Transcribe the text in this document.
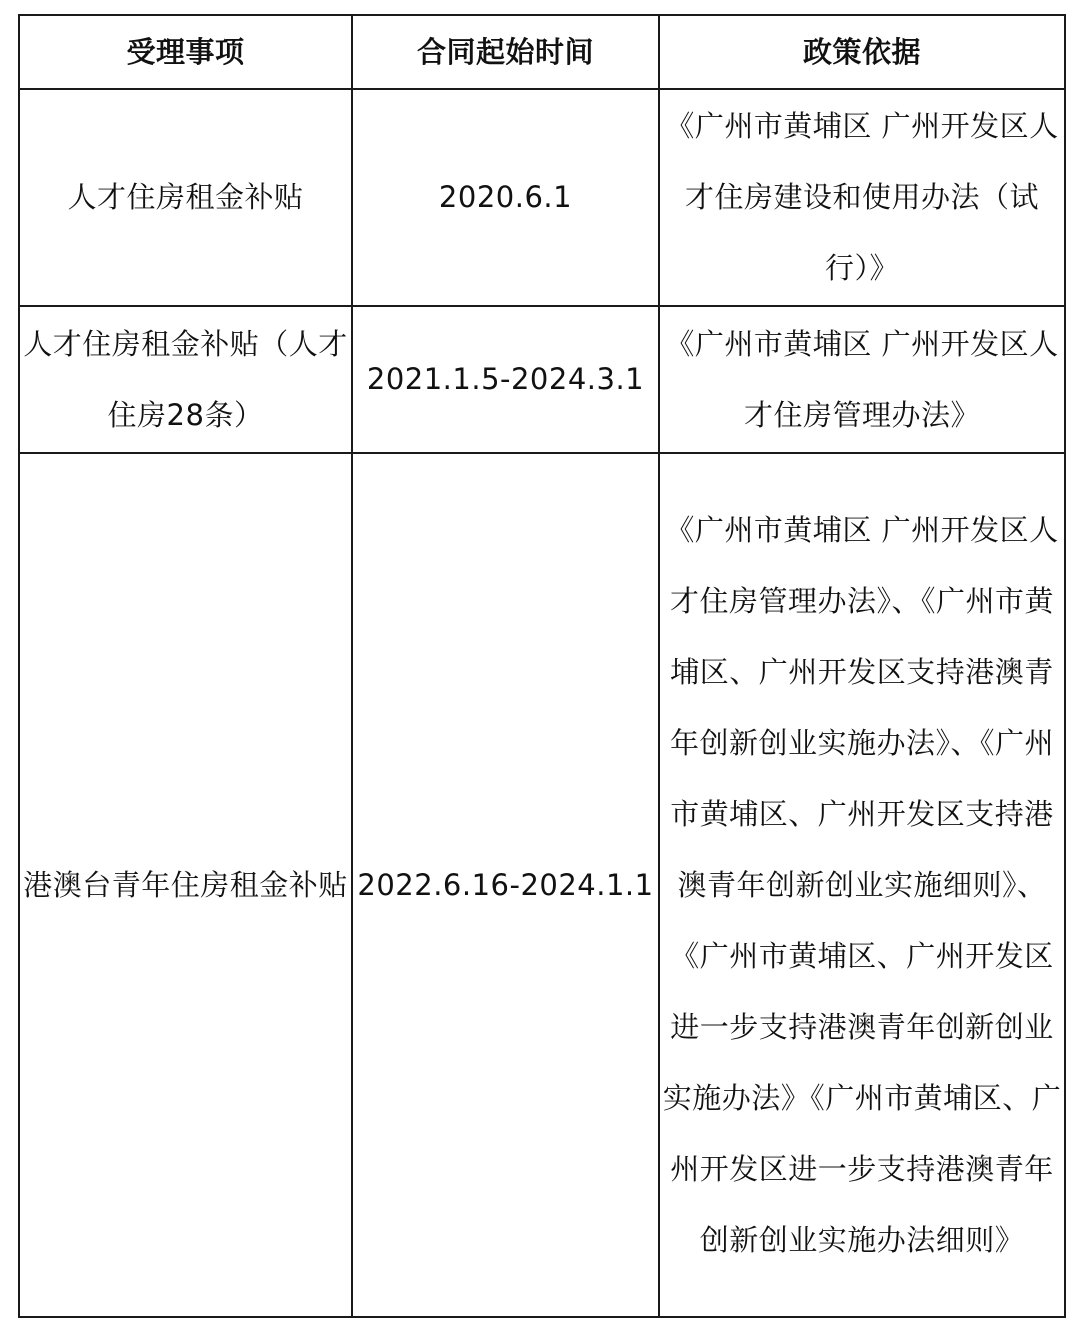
受理事项	合同起始时间	政策依据
人才住房租金补贴	2020.6.1	《广州市黄埔区 广州开发区人才住房建设和使用办法（试行）》
人才住房租金补贴（人才住房28条）	2021.1.5-2024.3.1	《广州市黄埔区 广州开发区人才住房管理办法》
港澳台青年住房租金补贴	2022.6.16-2024.1.1	《广州市黄埔区 广州开发区人才住房管理办法》、《广州市黄埔区、广州开发区支持港澳青年创新创业实施办法》、《广州市黄埔区、广州开发区支持港澳青年创新创业实施细则》、《广州市黄埔区、广州开发区进一步支持港澳青年创新创业实施办法》《广州市黄埔区、广州开发区进一步支持港澳青年创新创业实施办法细则》
